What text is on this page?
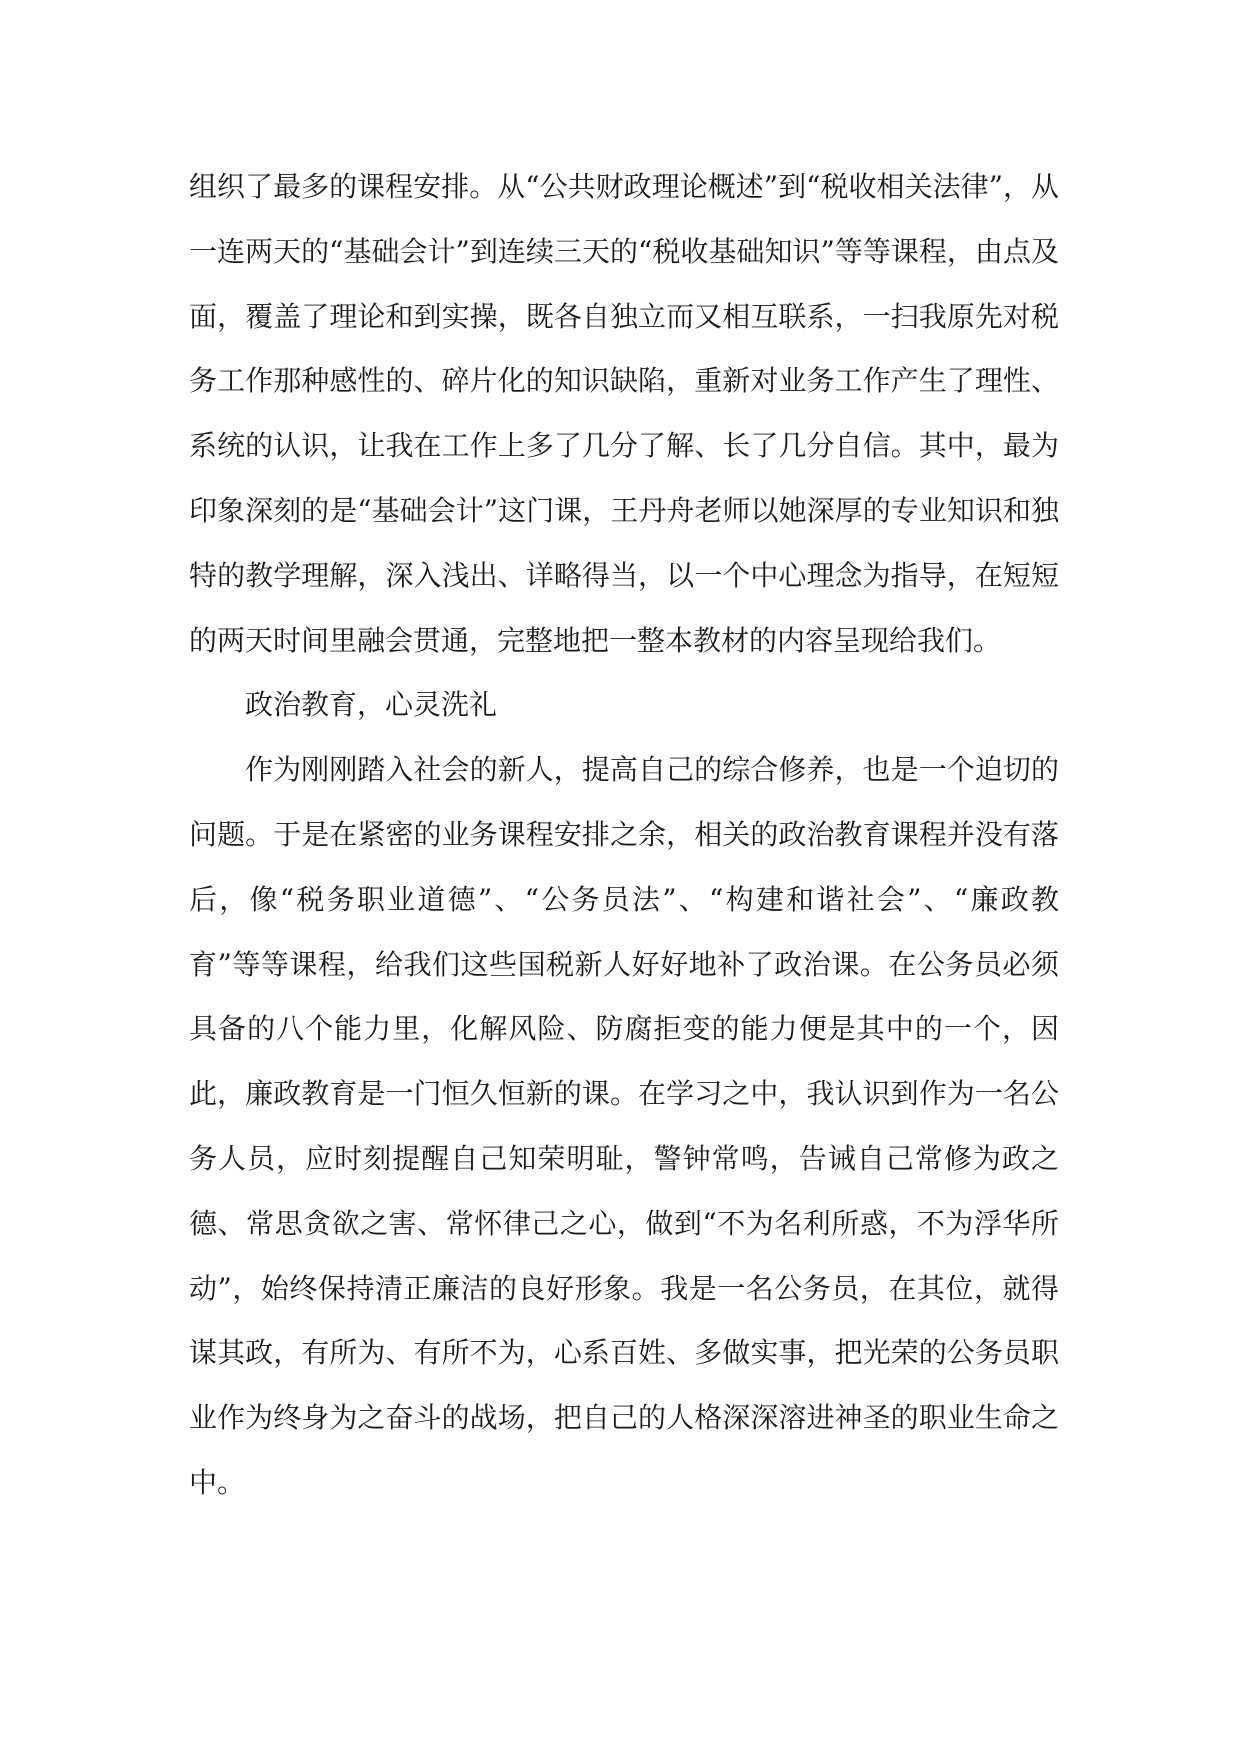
组织了最多的课程安排。从“公共财政理论概述”到“税收相关法律”，从一连两天的“基础会计”到连续三天的“税收基础知识”等等课程，由点及面，覆盖了理论和到实操，既各自独立而又相互联系，一扫我原先对税务工作那种感性的、碎片化的知识缺陷，重新对业务工作产生了理性、系统的认识，让我在工作上多了几分了解、长了几分自信。其中，最为印象深刻的是“基础会计”这门课，王丹舟老师以她深厚的专业知识和独特的教学理解，深入浅出、详略得当，以一个中心理念为指导，在短短的两天时间里融会贯通，完整地把一整本教材的内容呈现给我们。

政治教育，心灵洗礼

作为刚刚踏入社会的新人，提高自己的综合修养，也是一个迫切的问题。于是在紧密的业务课程安排之余，相关的政治教育课程并没有落后，像“税务职业道德”、“公务员法”、“构建和谐社会”、“廉政教育”等等课程，给我们这些国税新人好好地补了政治课。在公务员必须具备的八个能力里，化解风险、防腐拒变的能力便是其中的一个，因此，廉政教育是一门恒久恒新的课。在学习之中，我认识到作为一名公务人员，应时刻提醒自己知荣明耻，警钟常鸣，告诫自己常修为政之德、常思贪欲之害、常怀律己之心，做到“不为名利所惑，不为浮华所动”，始终保持清正廉洁的良好形象。我是一名公务员，在其位，就得谋其政，有所为、有所不为，心系百姓、多做实事，把光荣的公务员职业作为终身为之奋斗的战场，把自己的人格深深溶进神圣的职业生命之中。
